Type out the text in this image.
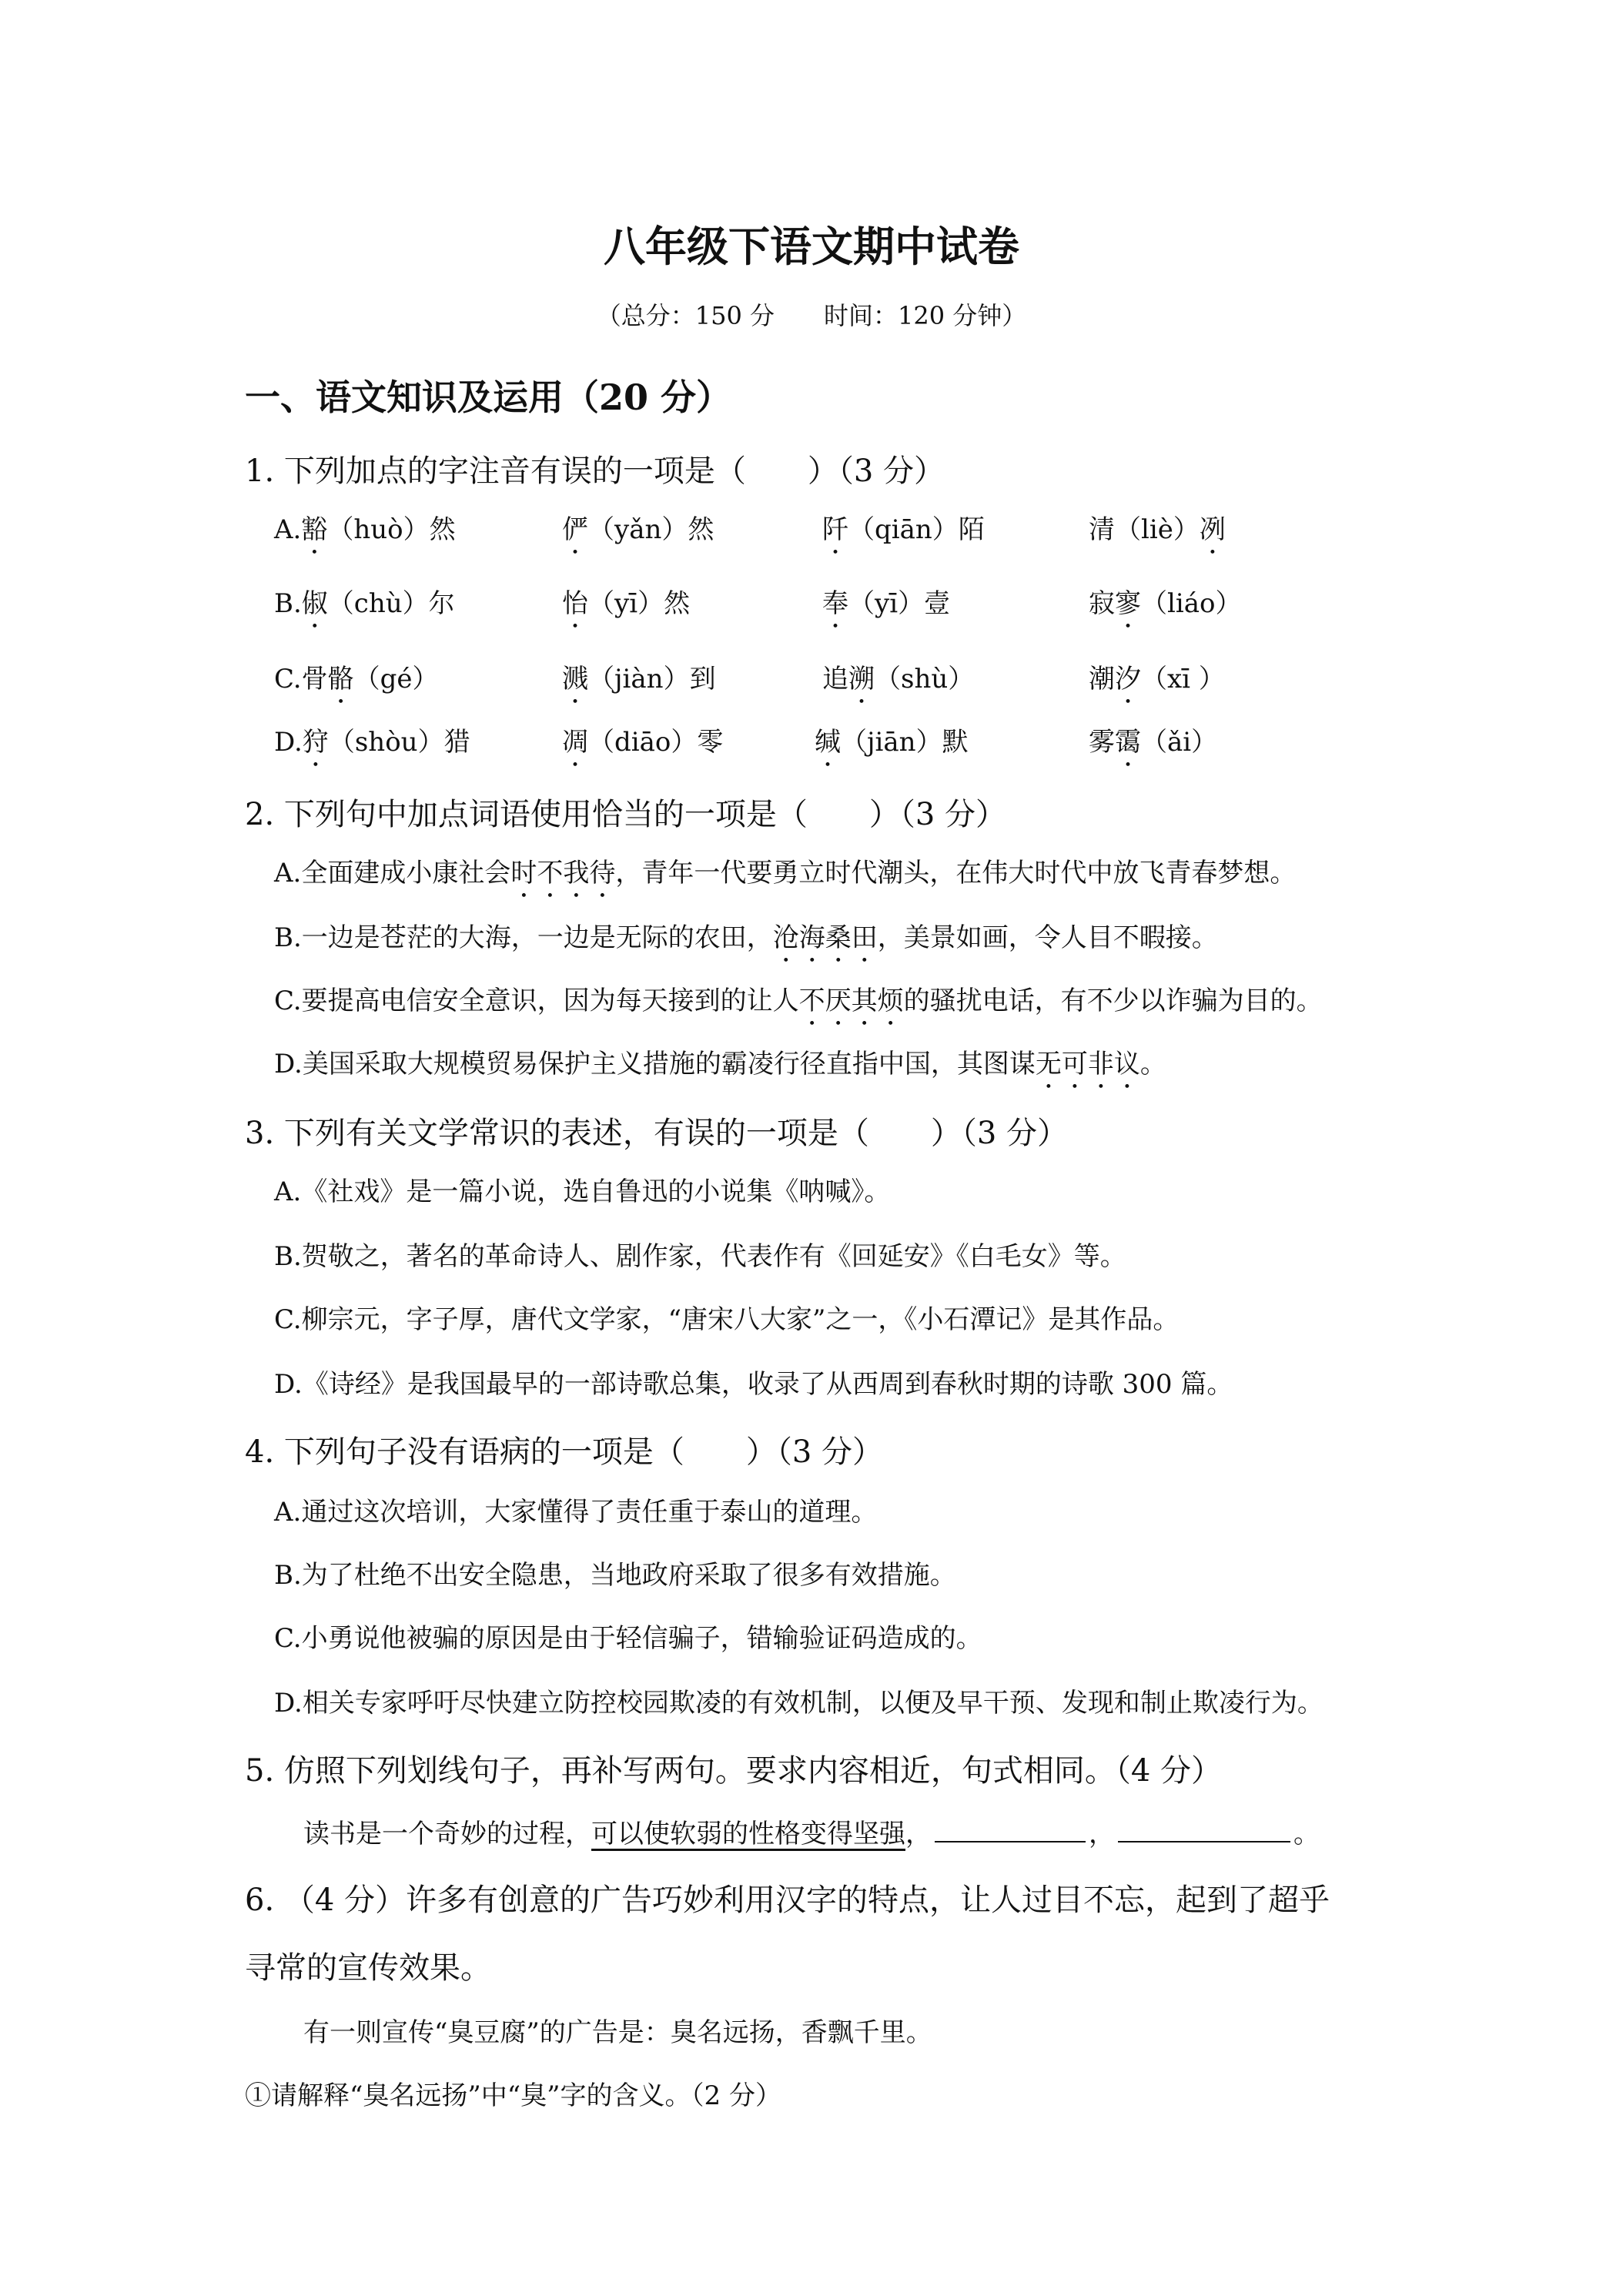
八年级下语文期中试卷
（总分：150 分　　时间：120 分钟）
一、语文知识及运用（20 分）
1. 下列加点的字注音有误的一项是（　　）（3 分）
A.豁（huò）然	俨（yǎn）然	阡（qiān）陌	清（liè）冽
B.俶（chù）尔	怡（yī）然	奉（yī）壹	寂寥（liáo）
C.骨骼（gé）	溅（jiàn）到	追溯（shù）	潮汐（xī ）
D.狩（shòu）猎	凋（diāo）零	缄（jiān）默	雾霭（ǎi）
2. 下列句中加点词语使用恰当的一项是（　　）（3 分）
A.全面建成小康社会时不我待，青年一代要勇立时代潮头，在伟大时代中放飞青春梦想。
B.一边是苍茫的大海，一边是无际的农田，沧海桑田，美景如画，令人目不暇接。
C.要提高电信安全意识，因为每天接到的让人不厌其烦的骚扰电话，有不少以诈骗为目的。
D.美国采取大规模贸易保护主义措施的霸凌行径直指中国，其图谋无可非议。
3. 下列有关文学常识的表述，有误的一项是（　　）（3 分）
A.《社戏》是一篇小说，选自鲁迅的小说集《呐喊》。
B.贺敬之，著名的革命诗人、剧作家，代表作有《回延安》《白毛女》等。
C.柳宗元，字子厚，唐代文学家，“唐宋八大家”之一，《小石潭记》是其作品。
D.《诗经》是我国最早的一部诗歌总集，收录了从西周到春秋时期的诗歌 300 篇。
4. 下列句子没有语病的一项是（　　）（3 分）
A.通过这次培训，大家懂得了责任重于泰山的道理。
B.为了杜绝不出安全隐患，当地政府采取了很多有效措施。
C.小勇说他被骗的原因是由于轻信骗子，错输验证码造成的。
D.相关专家呼吁尽快建立防控校园欺凌的有效机制，以便及早干预、发现和制止欺凌行为。
5. 仿照下列划线句子，再补写两句。要求内容相近，句式相同。（4 分）
读书是一个奇妙的过程，可以使软弱的性格变得坚强，	，	。
6. （4 分）许多有创意的广告巧妙利用汉字的特点，让人过目不忘，起到了超乎
寻常的宣传效果。
有一则宣传“臭豆腐”的广告是：臭名远扬，香飘千里。
①请解释“臭名远扬”中“臭”字的含义。（2 分）
